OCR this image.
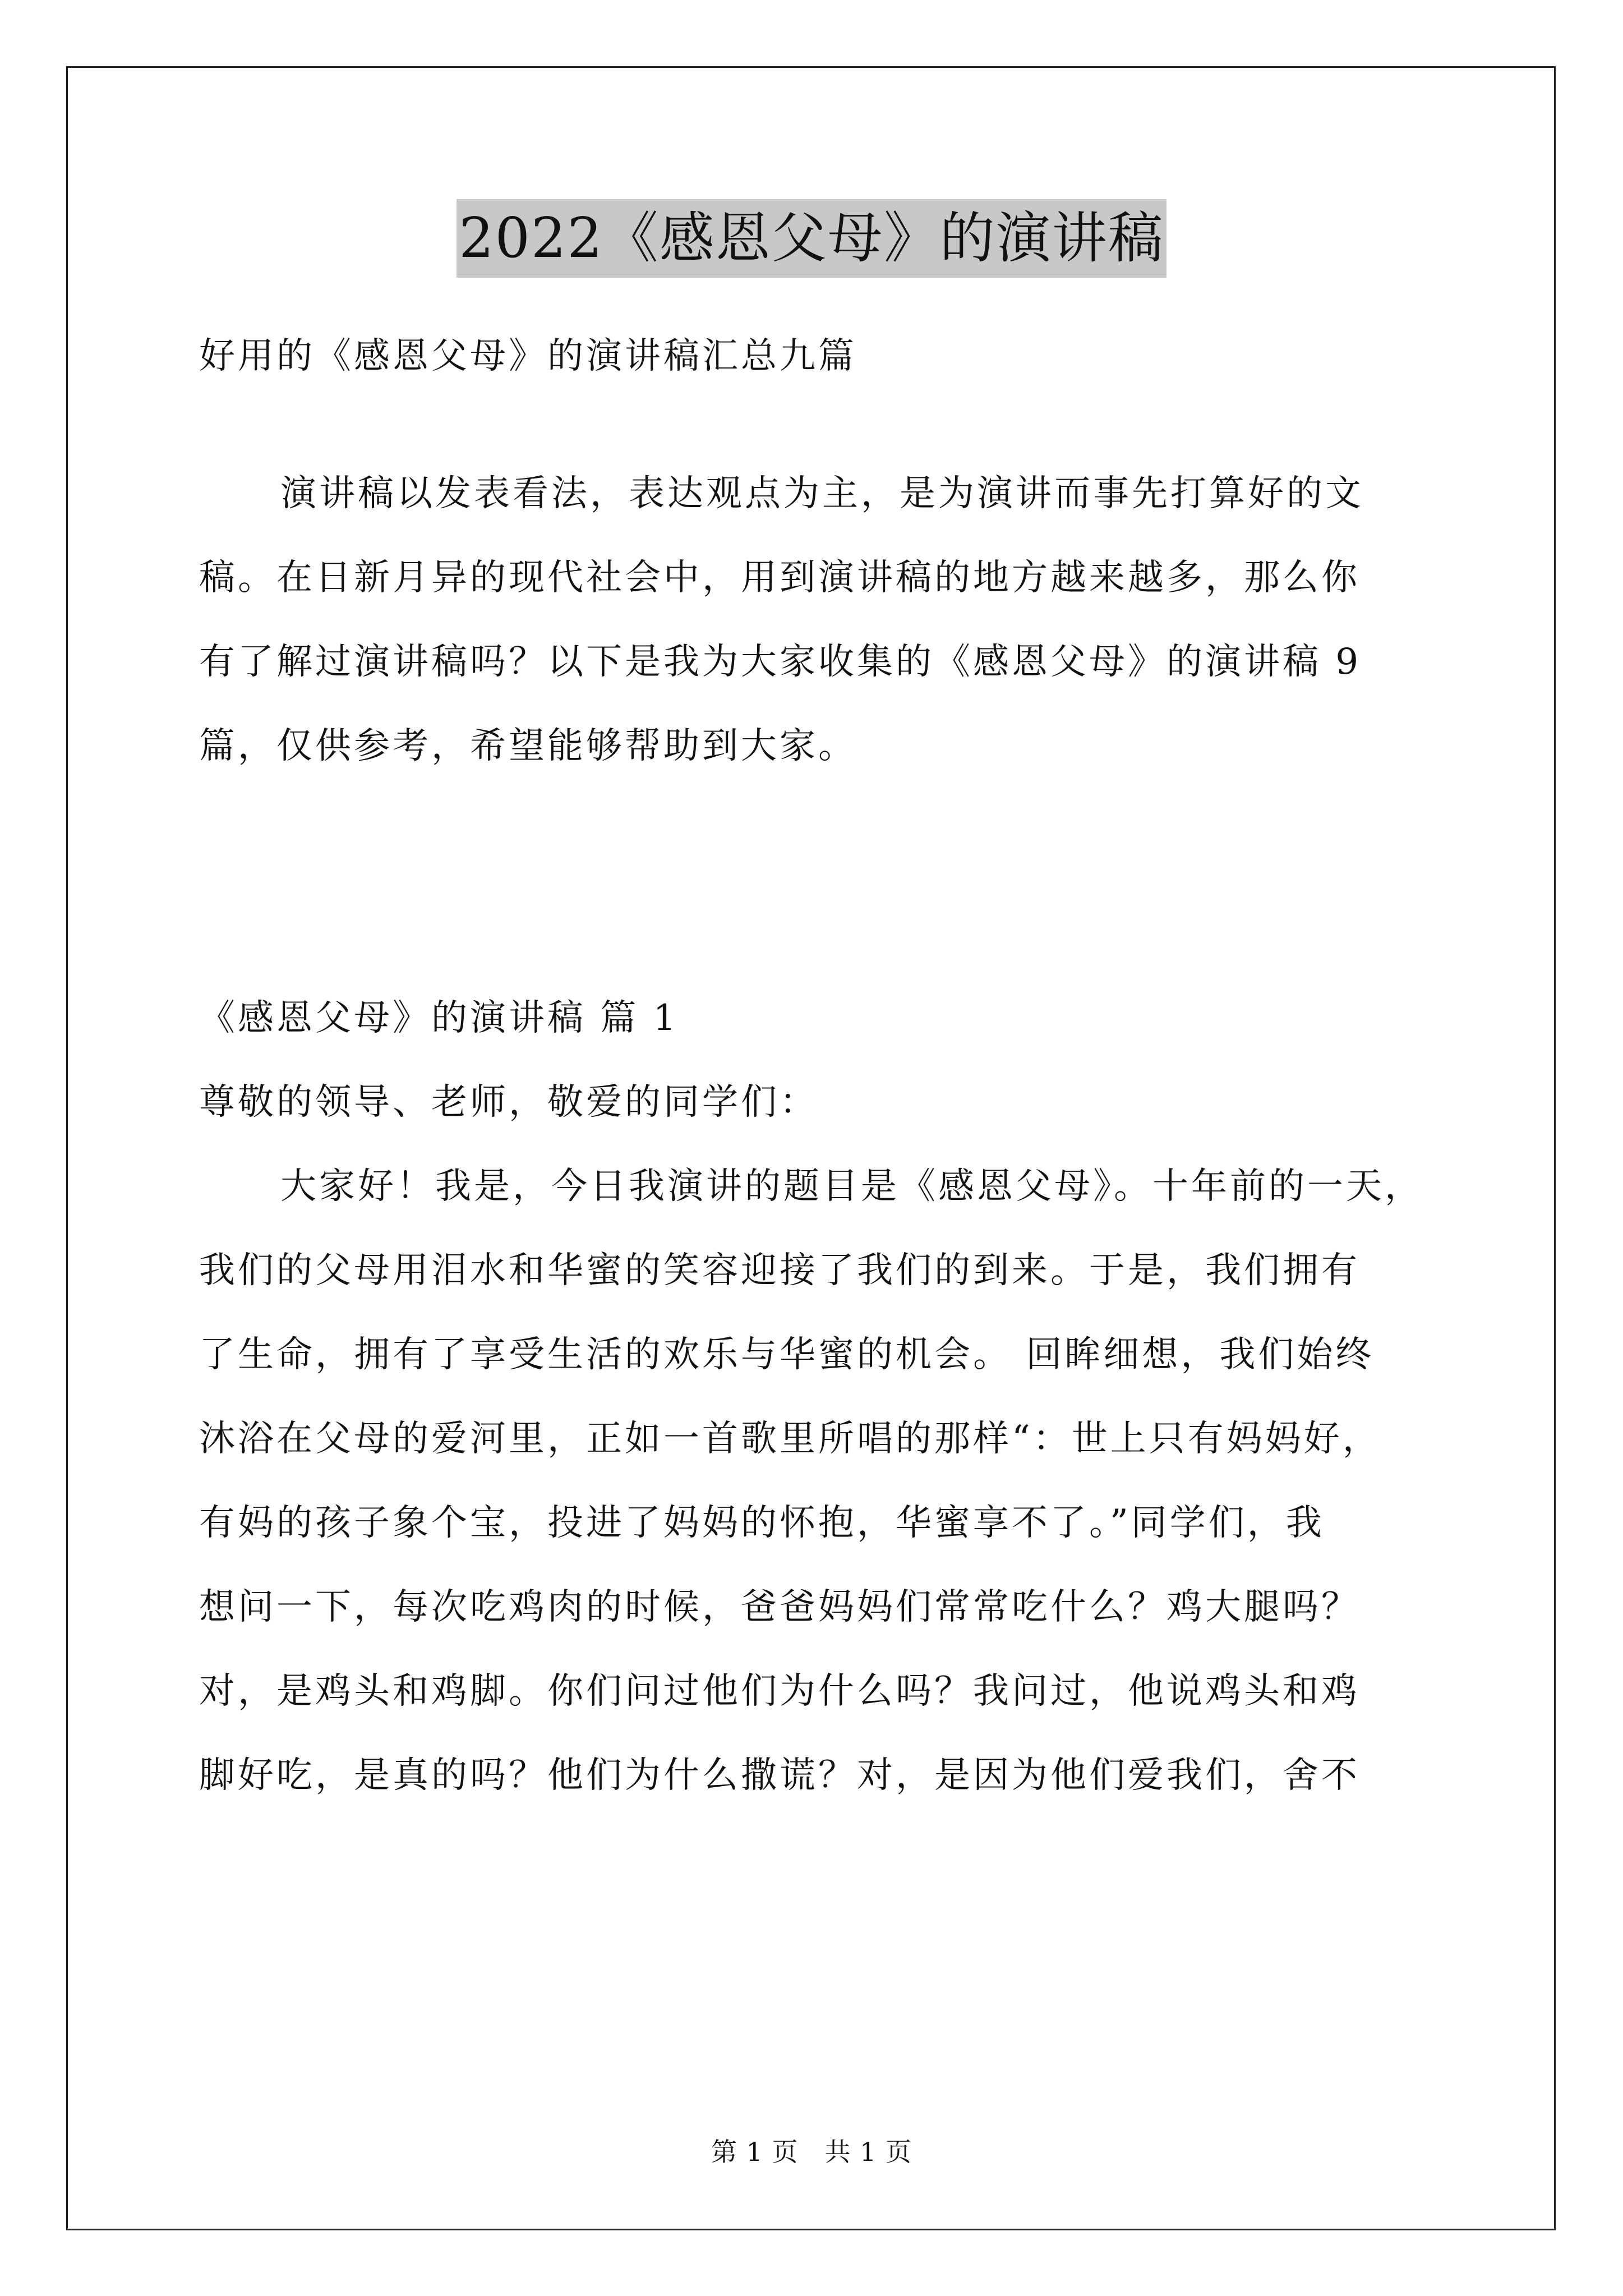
2022《感恩父母》的演讲稿
好用的《感恩父母》的演讲稿汇总九篇
演讲稿以发表看法，表达观点为主，是为演讲而事先打算好的文
稿。在日新月异的现代社会中，用到演讲稿的地方越来越多，那么你
有了解过演讲稿吗？以下是我为大家收集的《感恩父母》的演讲稿 9
篇，仅供参考，希望能够帮助到大家。
《感恩父母》的演讲稿 篇 1
尊敬的领导、老师，敬爱的同学们：
大家好！我是，今日我演讲的题目是《感恩父母》。十年前的一天，
我们的父母用泪水和华蜜的笑容迎接了我们的到来。于是，我们拥有
了生命，拥有了享受生活的欢乐与华蜜的机会。 回眸细想，我们始终
沐浴在父母的爱河里，正如一首歌里所唱的那样“：世上只有妈妈好，
有妈的孩子象个宝，投进了妈妈的怀抱，华蜜享不了。”同学们，我
想问一下，每次吃鸡肉的时候，爸爸妈妈们常常吃什么？鸡大腿吗？
对，是鸡头和鸡脚。你们问过他们为什么吗？我问过，他说鸡头和鸡
脚好吃，是真的吗？他们为什么撒谎？对，是因为他们爱我们，舍不
第 1 页　共 1 页
